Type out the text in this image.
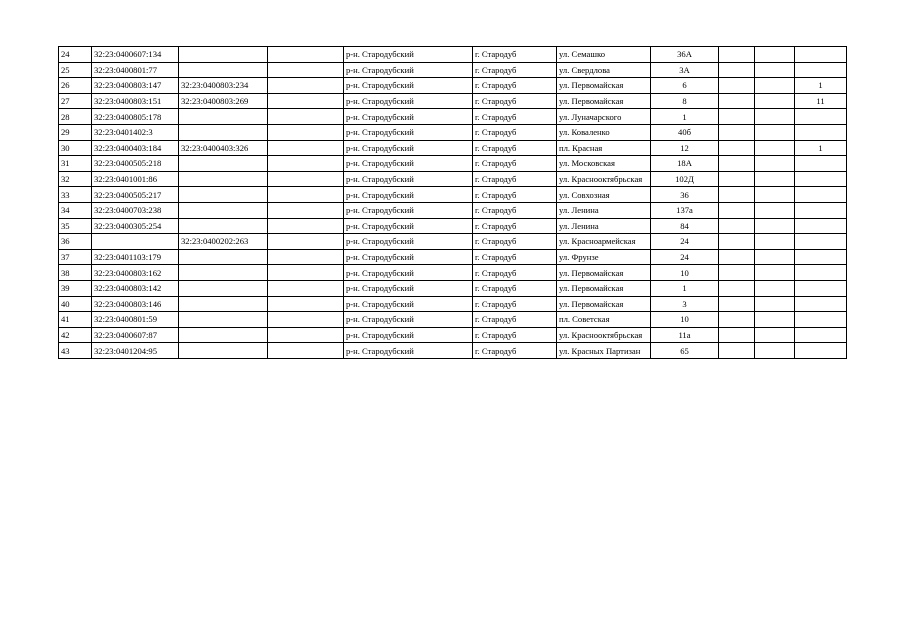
24	32:23:0400607:134			р-н. Стародубский	г. Стародуб	ул. Семашко	36А			
25	32:23:0400801:77			р-н. Стародубский	г. Стародуб	ул. Свердлова	3А			
26	32:23:0400803:147	32:23:0400803:234		р-н. Стародубский	г. Стародуб	ул. Первомайская	6			1
27	32:23:0400803:151	32:23:0400803:269		р-н. Стародубский	г. Стародуб	ул. Первомайская	8			11
28	32:23:0400805:178			р-н. Стародубский	г. Стародуб	ул. Луначарского	1			
29	32:23:0401402:3			р-н. Стародубский	г. Стародуб	ул. Коваленко	40б			
30	32:23:0400403:184	32:23:0400403:326		р-н. Стародубский	г. Стародуб	пл. Красная	12			1
31	32:23:0400505:218			р-н. Стародубский	г. Стародуб	ул. Московская	18А			
32	32:23:0401001:86			р-н. Стародубский	г. Стародуб	ул. Краснооктябрьская	102Д			
33	32:23:0400505:217			р-н. Стародубский	г. Стародуб	ул. Совхозная	36			
34	32:23:0400703:238			р-н. Стародубский	г. Стародуб	ул. Ленина	137а			
35	32:23:0400305:254			р-н. Стародубский	г. Стародуб	ул. Ленина	84			
36		32:23:0400202:263		р-н. Стародубский	г. Стародуб	ул. Красноармейская	24			
37	32:23:0401103:179			р-н. Стародубский	г. Стародуб	ул. Фрунзе	24			
38	32:23:0400803:162			р-н. Стародубский	г. Стародуб	ул. Первомайская	10			
39	32:23:0400803:142			р-н. Стародубский	г. Стародуб	ул. Первомайская	1			
40	32:23:0400803:146			р-н. Стародубский	г. Стародуб	ул. Первомайская	3			
41	32:23:0400801:59			р-н. Стародубский	г. Стародуб	пл. Советская	10			
42	32:23:0400607:87			р-н. Стародубский	г. Стародуб	ул. Краснооктябрьская	11а			
43	32:23:0401204:95			р-н. Стародубский	г. Стародуб	ул. Красных Партизан	65			
